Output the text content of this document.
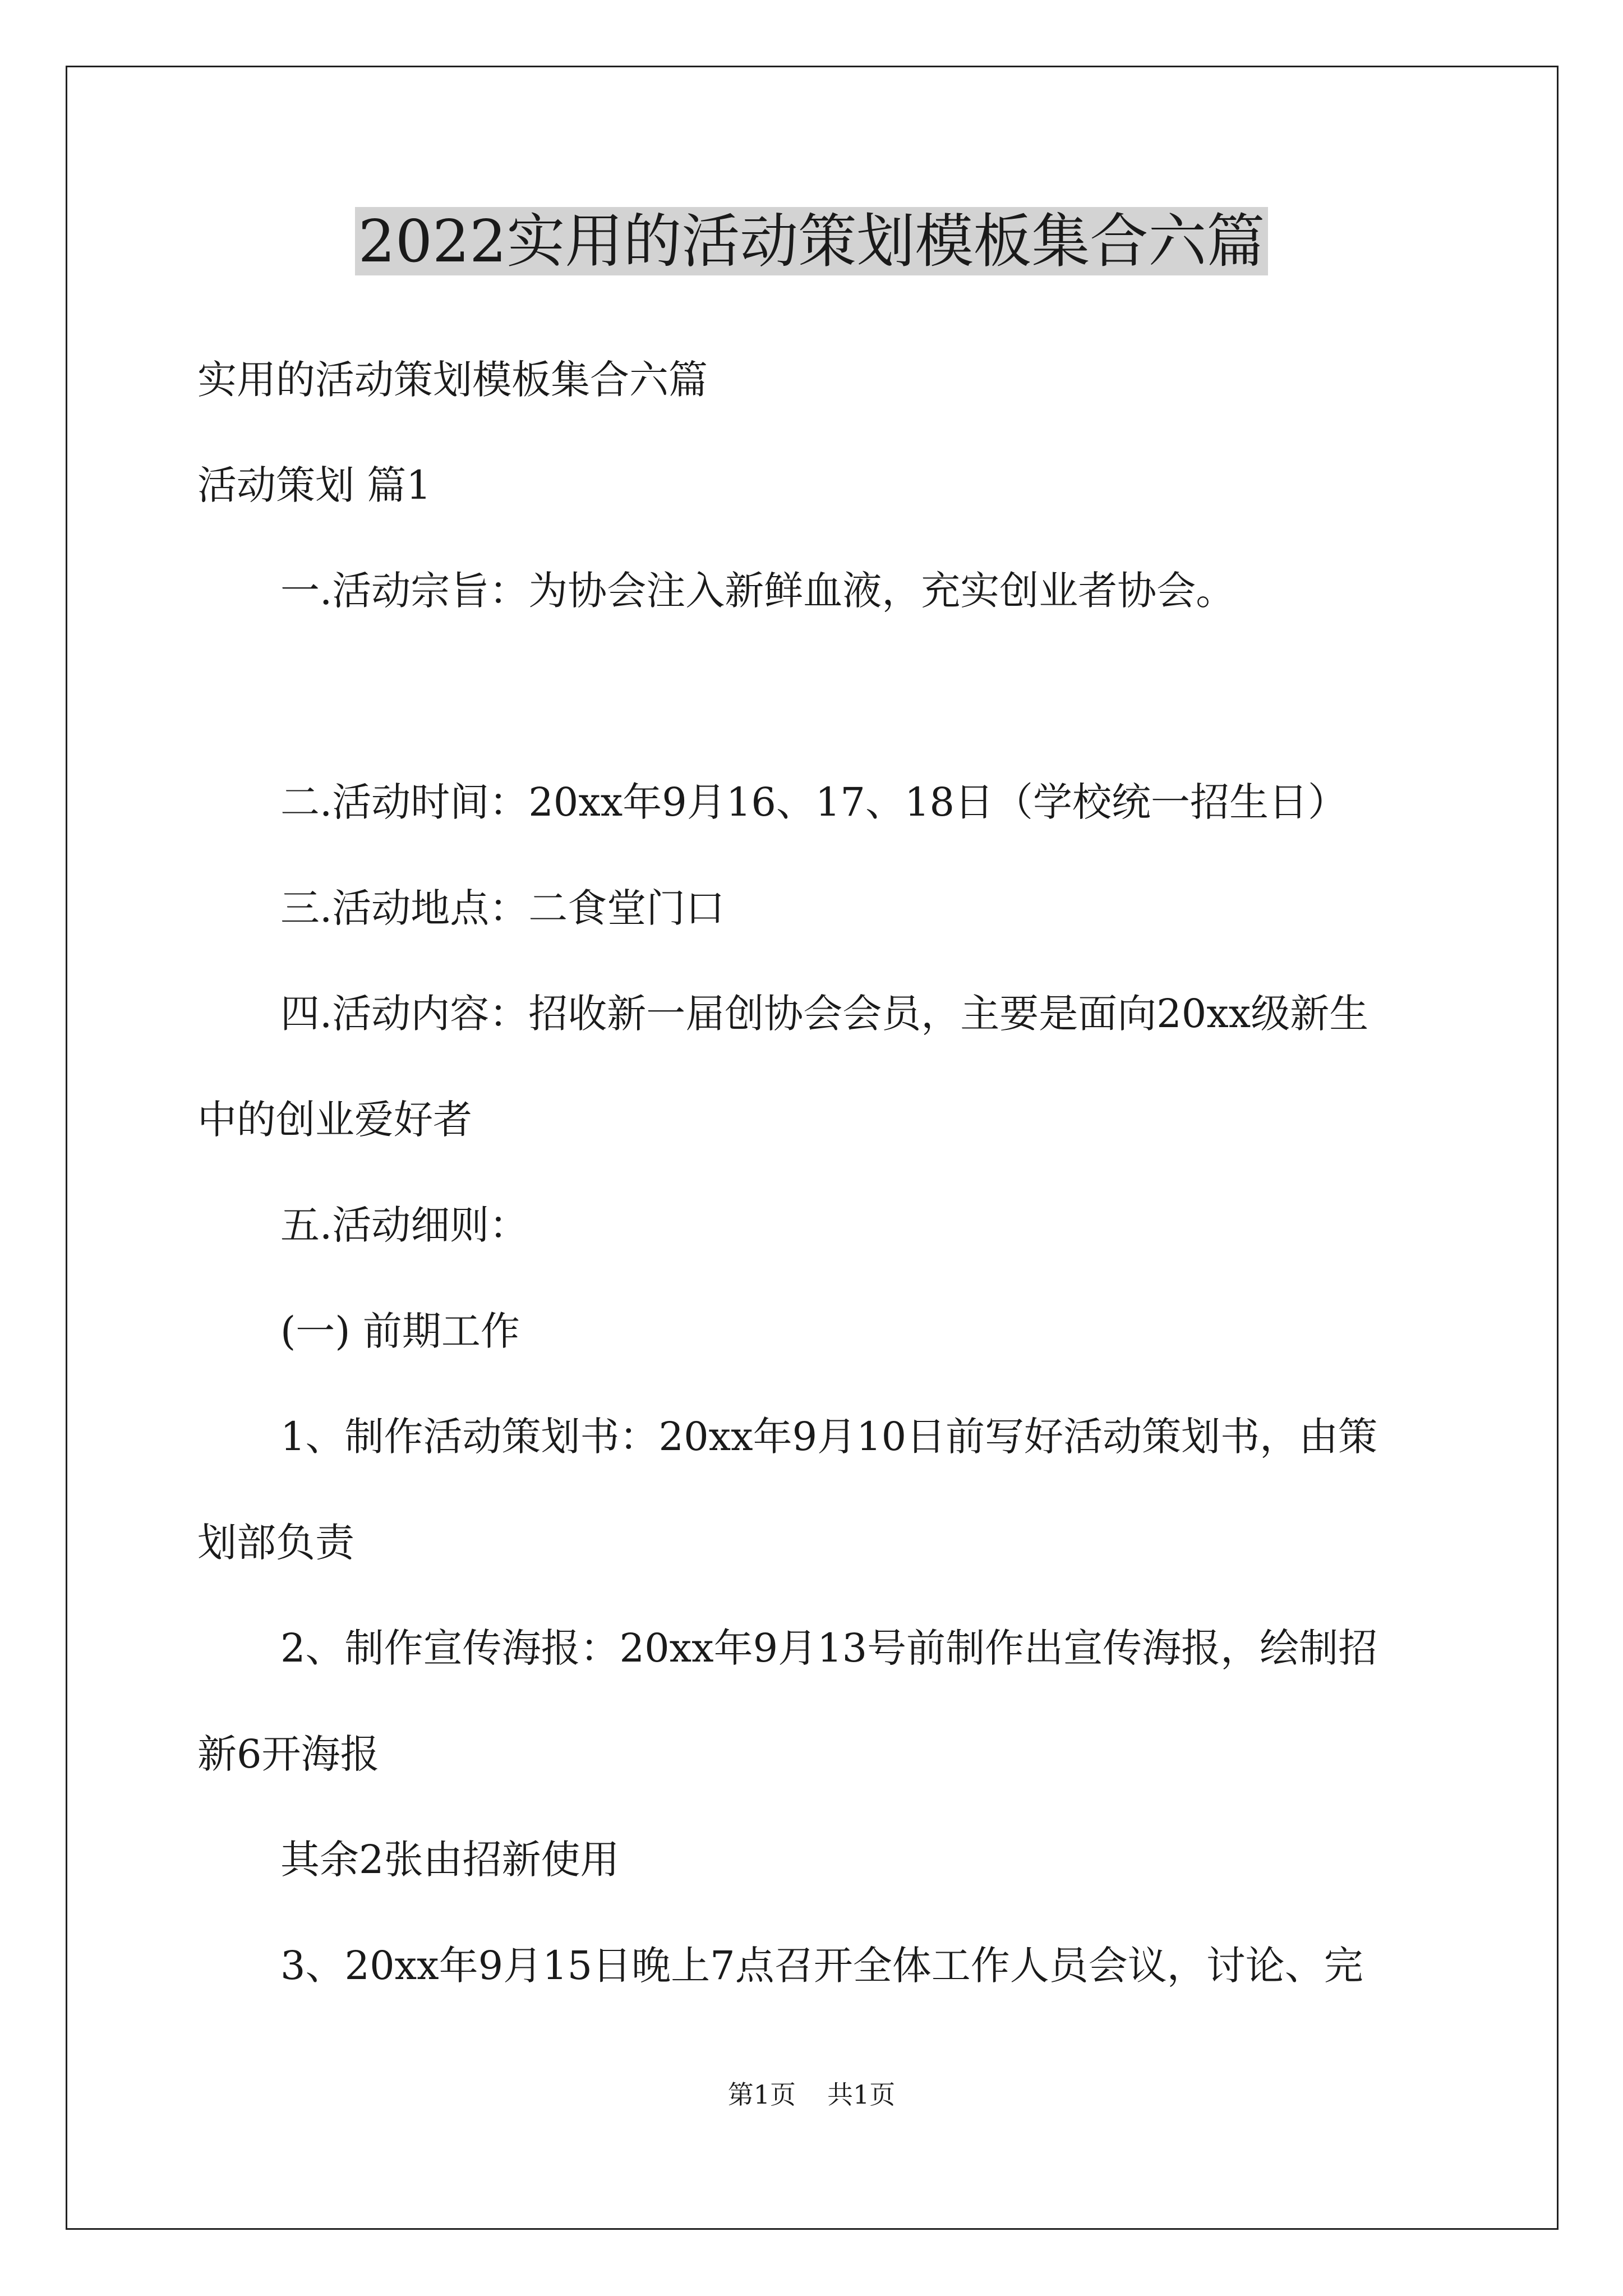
2022实用的活动策划模板集合六篇
实用的活动策划模板集合六篇
活动策划 篇1
一.活动宗旨：为协会注入新鲜血液，充实创业者协会。
二.活动时间：20xx年9月16、17、18日（学校统一招生日）
三.活动地点：二食堂门口
四.活动内容：招收新一届创协会会员，主要是面向20xx级新生
中的创业爱好者
五.活动细则：
(一) 前期工作
1、制作活动策划书：20xx年9月10日前写好活动策划书，由策
划部负责
2、制作宣传海报：20xx年9月13号前制作出宣传海报，绘制招
新6开海报
其余2张由招新使用
3、20xx年9月15日晚上7点召开全体工作人员会议，讨论、完
第1页 共1页
